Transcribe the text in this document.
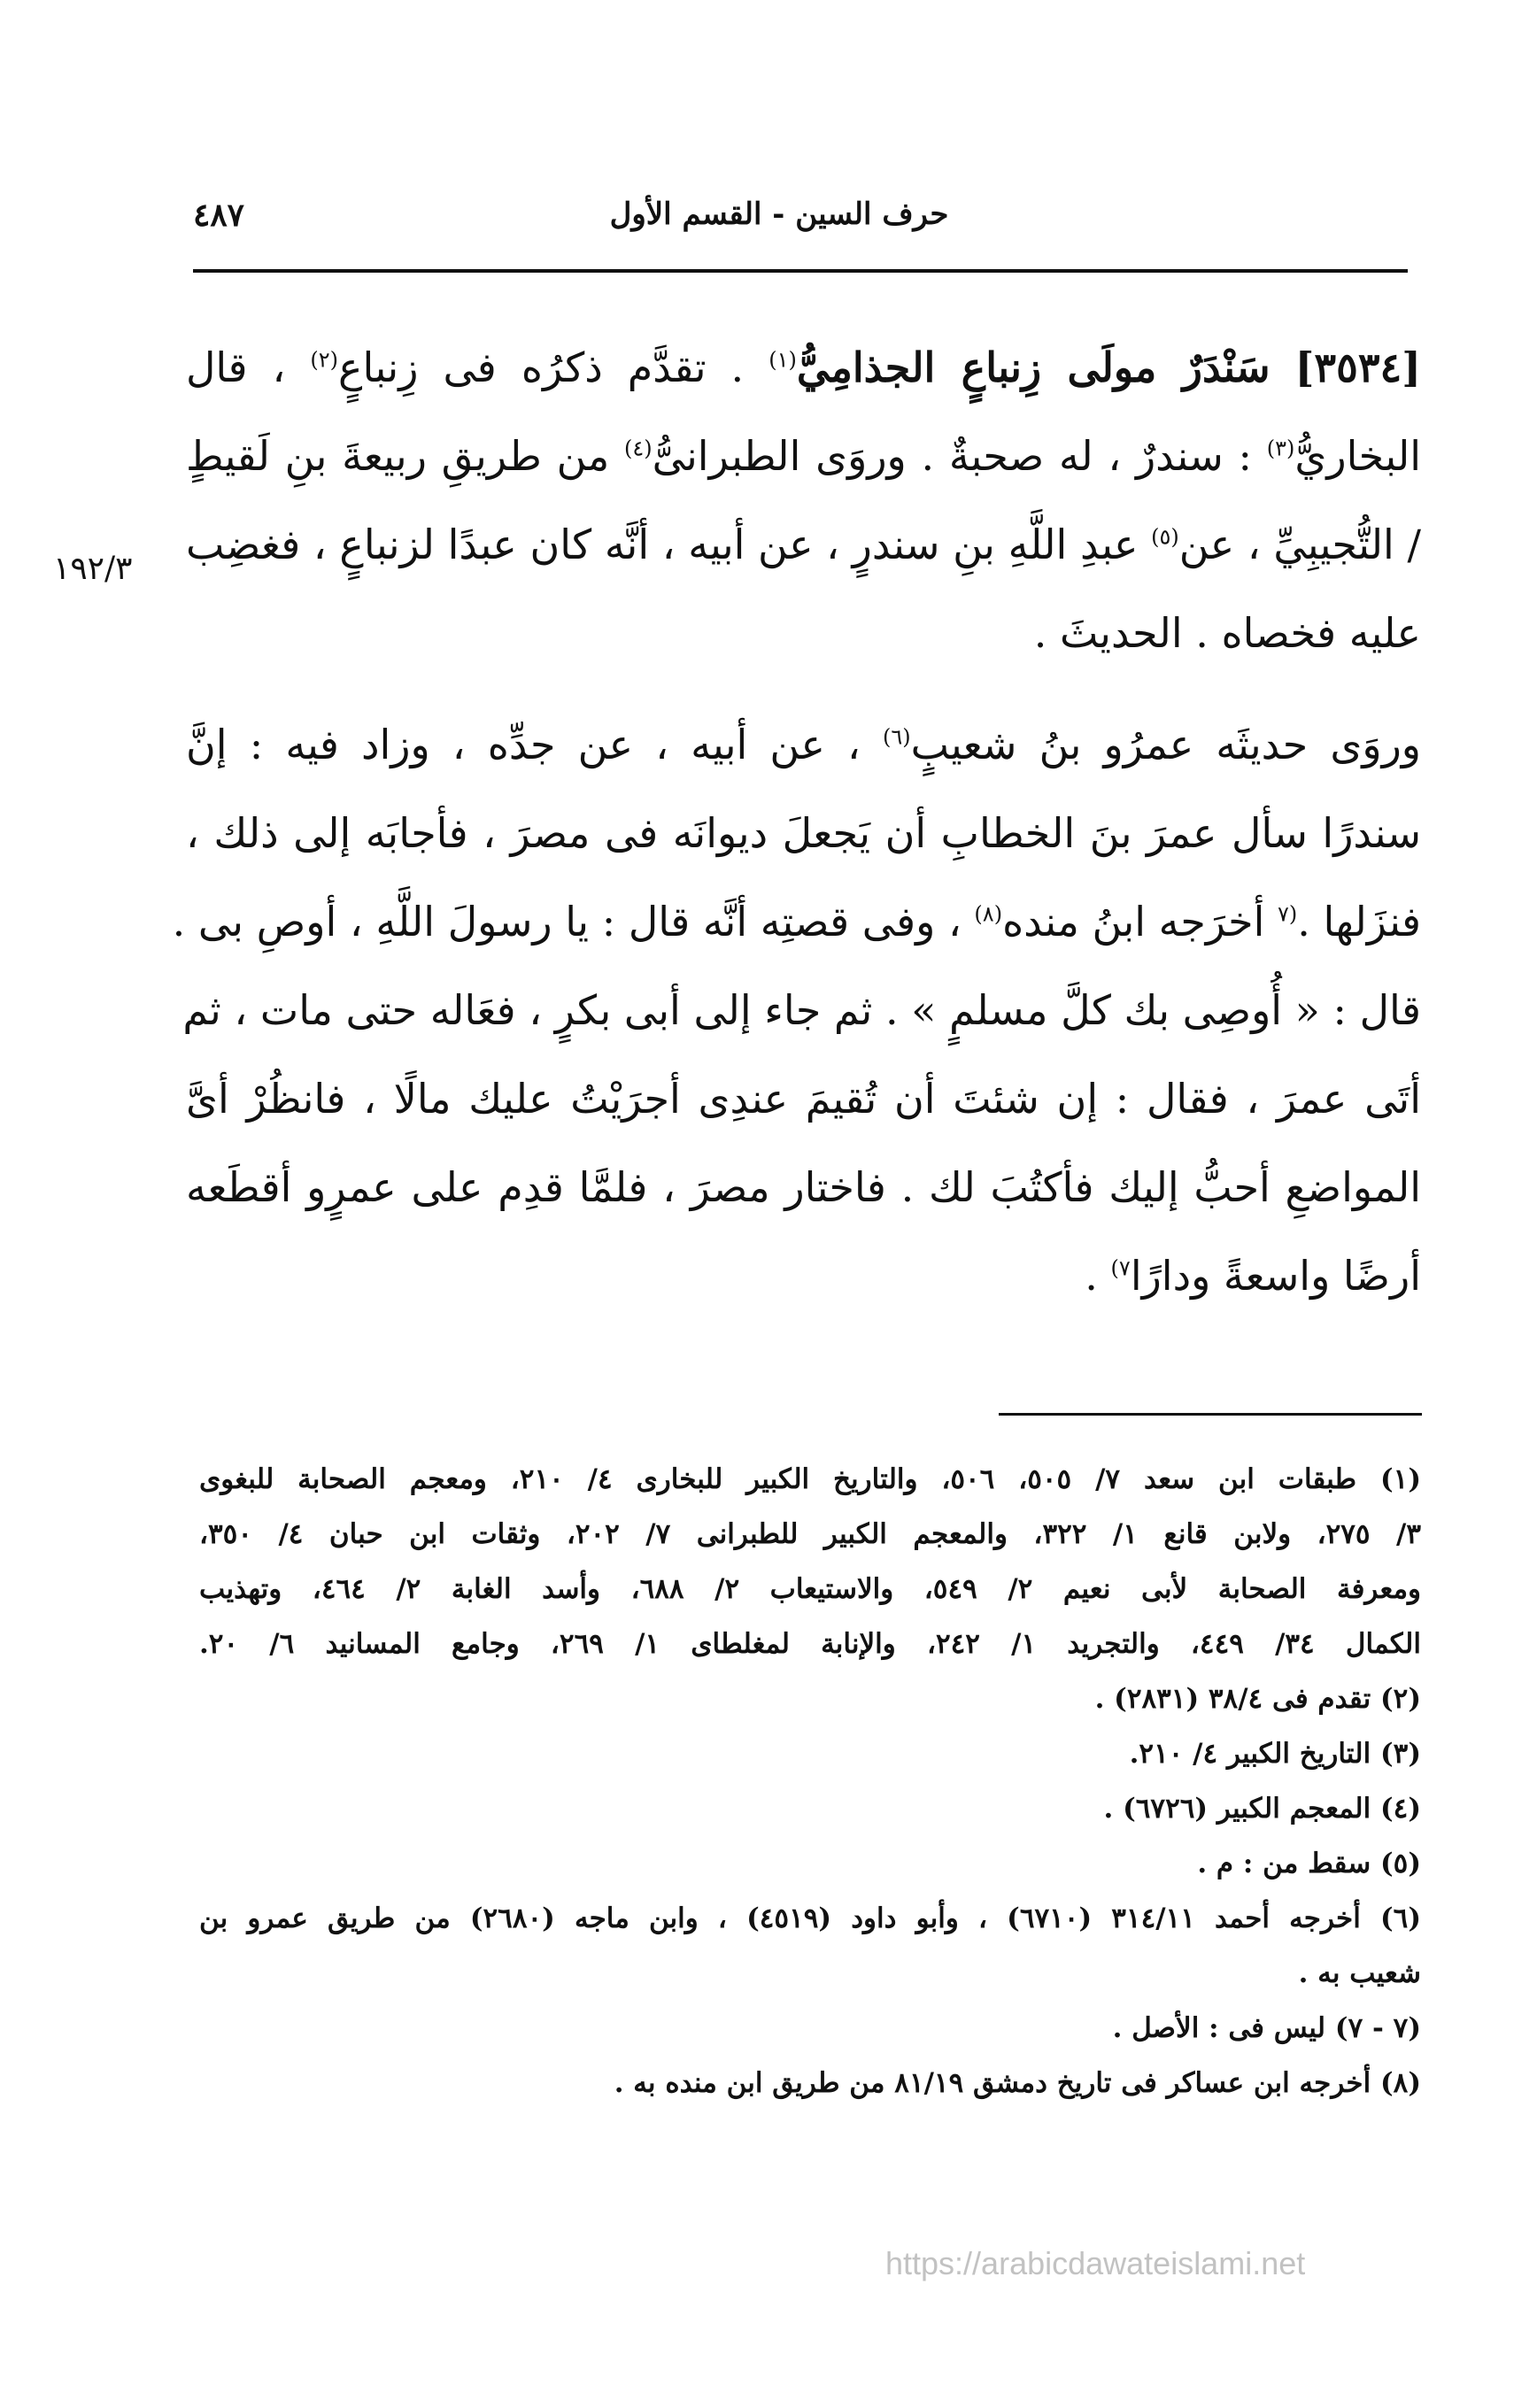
حرف السين - القسم الأول
٤٨٧
١٩٢/٣
[٣٥٣٤] سَنْدَرٌ مولَى زِنباعٍ الجذامِيُّ$^{(١)}$ . تقدَّم ذكرُه فى زِنباعٍ$^{(٢)}$ ، قال
البخاريُّ$^{(٣)}$ : سندرٌ ، له صحبةٌ . وروَى الطبرانىُّ$^{(٤)}$ من طريقِ ربيعةَ بنِ لَقيطٍ
/ التُّجيبِيِّ ، عن$^{(٥)}$ عبدِ اللَّهِ بنِ سندرٍ ، عن أبيه ، أنَّه كان عبدًا لزنباعٍ ، فغضِب
عليه فخصاه . الحديثَ .
وروَى حديثَه عمرُو بنُ شعيبٍ$^{(٦)}$ ، عن أبيه ، عن جدِّه ، وزاد فيه : إنَّ
سندرًا سأل عمرَ بنَ الخطابِ أن يَجعلَ ديوانَه فى مصرَ ، فأجابَه إلى ذلك ،
فنزَلها .$^{(٧}$ أخرَجه ابنُ منده$^{(٨)}$ ، وفى قصتِه أنَّه قال : يا رسولَ اللَّهِ ، أوصِ بى .
قال : « أُوصِى بك كلَّ مسلمٍ » . ثم جاء إلى أبى بكرٍ ، فعَاله حتى مات ، ثم
أتَى عمرَ ، فقال : إن شئتَ أن تُقيمَ عندِى أجرَيْتُ عليك مالًا ، فانظُرْ أىَّ
المواضعِ أحبُّ إليك فأكتُبَ لك . فاختار مصرَ ، فلمَّا قدِم على عمرٍو أقطَعه
أرضًا واسعةً ودارًا$^{٧)}$ .
(١) طبقات ابن سعد ٧/ ٥٠٥، ٥٠٦، والتاريخ الكبير للبخارى ٤/ ٢١٠، ومعجم الصحابة للبغوى
٣/ ٢٧٥، ولابن قانع ١/ ٣٢٢، والمعجم الكبير للطبرانى ٧/ ٢٠٢، وثقات ابن حبان ٤/ ٣٥٠،
ومعرفة الصحابة لأبى نعيم ٢/ ٥٤٩، والاستيعاب ٢/ ٦٨٨، وأسد الغابة ٢/ ٤٦٤، وتهذيب
الكمال ٣٤/ ٤٤٩، والتجريد ١/ ٢٤٢، والإنابة لمغلطاى ١/ ٢٦٩، وجامع المسانيد ٦/ ٢٠.
(٢) تقدم فى ٣٨/٤ (٢٨٣١) .
(٣) التاريخ الكبير ٤/ ٢١٠.
(٤) المعجم الكبير (٦٧٢٦) .
(٥) سقط من : م .
(٦) أخرجه أحمد ٣١٤/١١ (٦٧١٠) ، وأبو داود (٤٥١٩) ، وابن ماجه (٢٦٨٠) من طريق عمرو بن
شعيب به .
(٧ - ٧) ليس فى : الأصل .
(٨) أخرجه ابن عساكر فى تاريخ دمشق ٨١/١٩ من طريق ابن منده به .
https://arabicdawateislami.net
